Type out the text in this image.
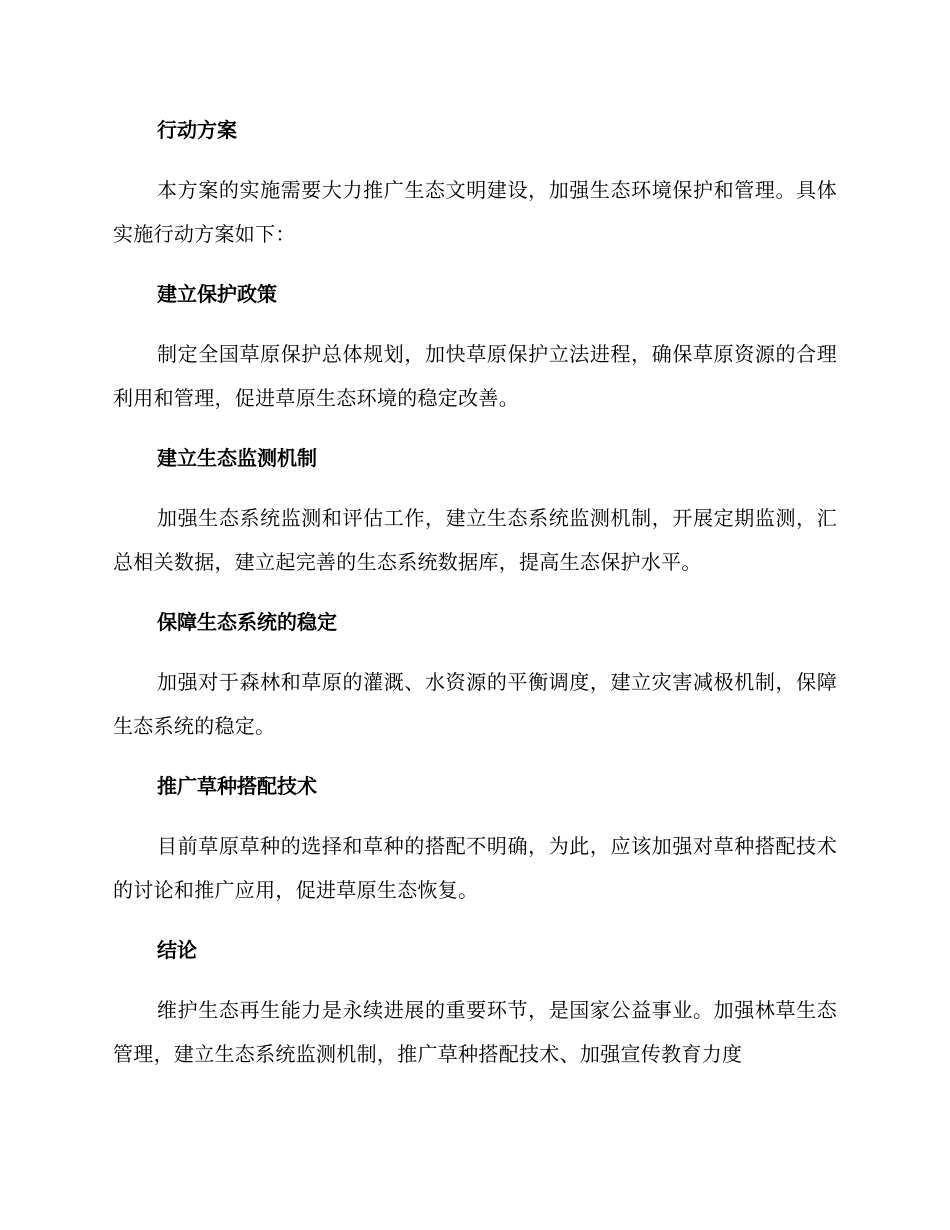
行动方案

本方案的实施需要大力推广生态文明建设，加强生态环境保护和管理。具体实施行动方案如下：

建立保护政策

制定全国草原保护总体规划，加快草原保护立法进程，确保草原资源的合理利用和管理，促进草原生态环境的稳定改善。

建立生态监测机制

加强生态系统监测和评估工作，建立生态系统监测机制，开展定期监测，汇总相关数据，建立起完善的生态系统数据库，提高生态保护水平。

保障生态系统的稳定

加强对于森林和草原的灌溉、水资源的平衡调度，建立灾害减极机制，保障生态系统的稳定。

推广草种搭配技术

目前草原草种的选择和草种的搭配不明确，为此，应该加强对草种搭配技术的讨论和推广应用，促进草原生态恢复。

结论

维护生态再生能力是永续进展的重要环节，是国家公益事业。加强林草生态管理，建立生态系统监测机制，推广草种搭配技术、加强宣传教育力度
